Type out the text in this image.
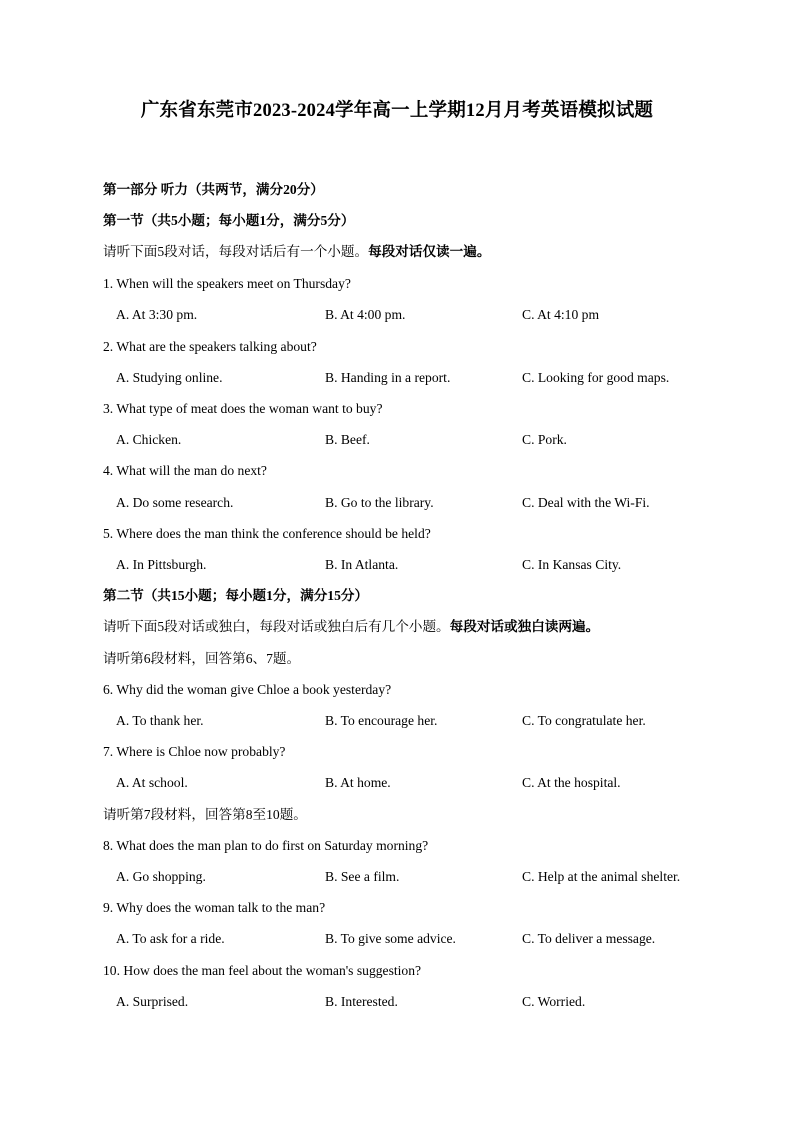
广东省东莞市2023-2024学年高一上学期12月月考英语模拟试题
第一部分 听力（共两节，满分20分）
第一节（共5小题；每小题1分，满分5分）
请听下面5段对话，每段对话后有一个小题。每段对话仅读一遍。
1. When will the speakers meet on Thursday?
A. At 3:30 pm.	B. At 4:00 pm.	C. At 4:10 pm
2. What are the speakers talking about?
A. Studying online.	B. Handing in a report.	C. Looking for good maps.
3. What type of meat does the woman want to buy?
A. Chicken.	B. Beef.	C. Pork.
4. What will the man do next?
A. Do some research.	B. Go to the library.	C. Deal with the Wi-Fi.
5. Where does the man think the conference should be held?
A. In Pittsburgh.	B. In Atlanta.	C. In Kansas City.
第二节（共15小题；每小题1分，满分15分）
请听下面5段对话或独白，每段对话或独白后有几个小题。每段对话或独白读两遍。
请听第6段材料，回答第6、7题。
6. Why did the woman give Chloe a book yesterday?
A. To thank her.	B. To encourage her.	C. To congratulate her.
7. Where is Chloe now probably?
A. At school.	B. At home.	C. At the hospital.
请听第7段材料，回答第8至10题。
8. What does the man plan to do first on Saturday morning?
A. Go shopping.	B. See a film.	C. Help at the animal shelter.
9. Why does the woman talk to the man?
A. To ask for a ride.	B. To give some advice.	C. To deliver a message.
10. How does the man feel about the woman's suggestion?
A. Surprised.	B. Interested.	C. Worried.
